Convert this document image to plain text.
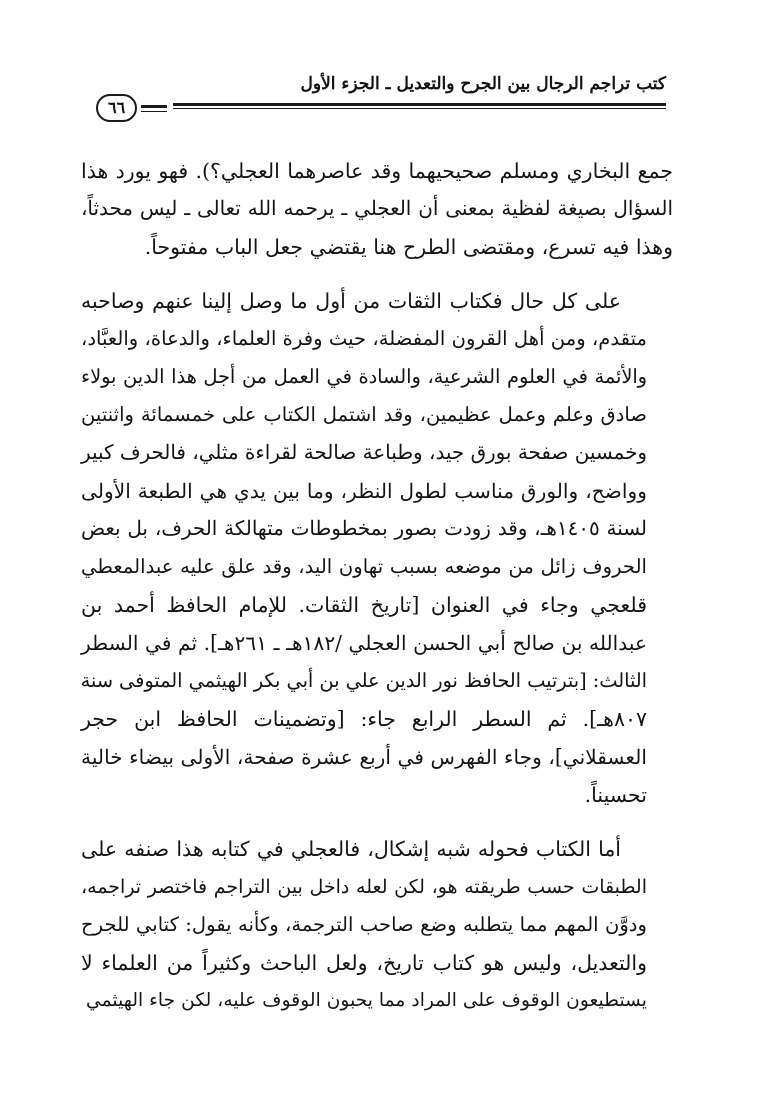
كتب تراجم الرجال بين الجرح والتعديل ـ الجزء الأول
٦٦
جمع البخاري ومسلم صحيحيهما وقد عاصرهما العجلي؟). فهو يورد هذا
السؤال بصيغة لفظية بمعنى أن العجلي ـ يرحمه الله تعالى ـ ليس محدثاً،
وهذا فيه تسرع، ومقتضى الطرح هنا يقتضي جعل الباب مفتوحاً.
على كل حال فكتاب الثقات من أول ما وصل إلينا عنهم وصاحبه
متقدم، ومن أهل القرون المفضلة، حيث وفرة العلماء، والدعاة، والعبَّاد،
والأئمة في العلوم الشرعية، والسادة في العمل من أجل هذا الدين بولاء
صادق وعلم وعمل عظيمين، وقد اشتمل الكتاب على خمسمائة واثنتين
وخمسين صفحة بورق جيد، وطباعة صالحة لقراءة مثلي، فالحرف كبير
وواضح، والورق مناسب لطول النظر، وما بين يدي هي الطبعة الأولى
لسنة ١٤٠٥هـ، وقد زودت بصور بمخطوطات متهالكة الحرف، بل بعض
الحروف زائل من موضعه بسبب تهاون اليد، وقد علق عليه عبدالمعطي
قلعجي وجاء في العنوان [تاريخ الثقات. للإمام الحافظ أحمد بن
عبدالله بن صالح أبي الحسن العجلي /١٨٢هـ ـ ٢٦١هـ]. ثم في السطر
الثالث: [بترتيب الحافظ نور الدين علي بن أبي بكر الهيثمي المتوفى سنة
٨٠٧هـ]. ثم السطر الرابع جاء: [وتضمينات الحافظ ابن حجر
العسقلاني]، وجاء الفهرس في أربع عشرة صفحة، الأولى بيضاء خالية
تحسيناً.
أما الكتاب فحوله شبه إشكال، فالعجلي في كتابه هذا صنفه على
الطبقات حسب طريقته هو، لكن لعله داخل بين التراجم فاختصر تراجمه،
ودوَّن المهم مما يتطلبه وضع صاحب الترجمة، وكأنه يقول: كتابي للجرح
والتعديل، وليس هو كتاب تاريخ، ولعل الباحث وكثيراً من العلماء لا
يستطيعون الوقوف على المراد مما يحبون الوقوف عليه، لكن جاء الهيثمي
